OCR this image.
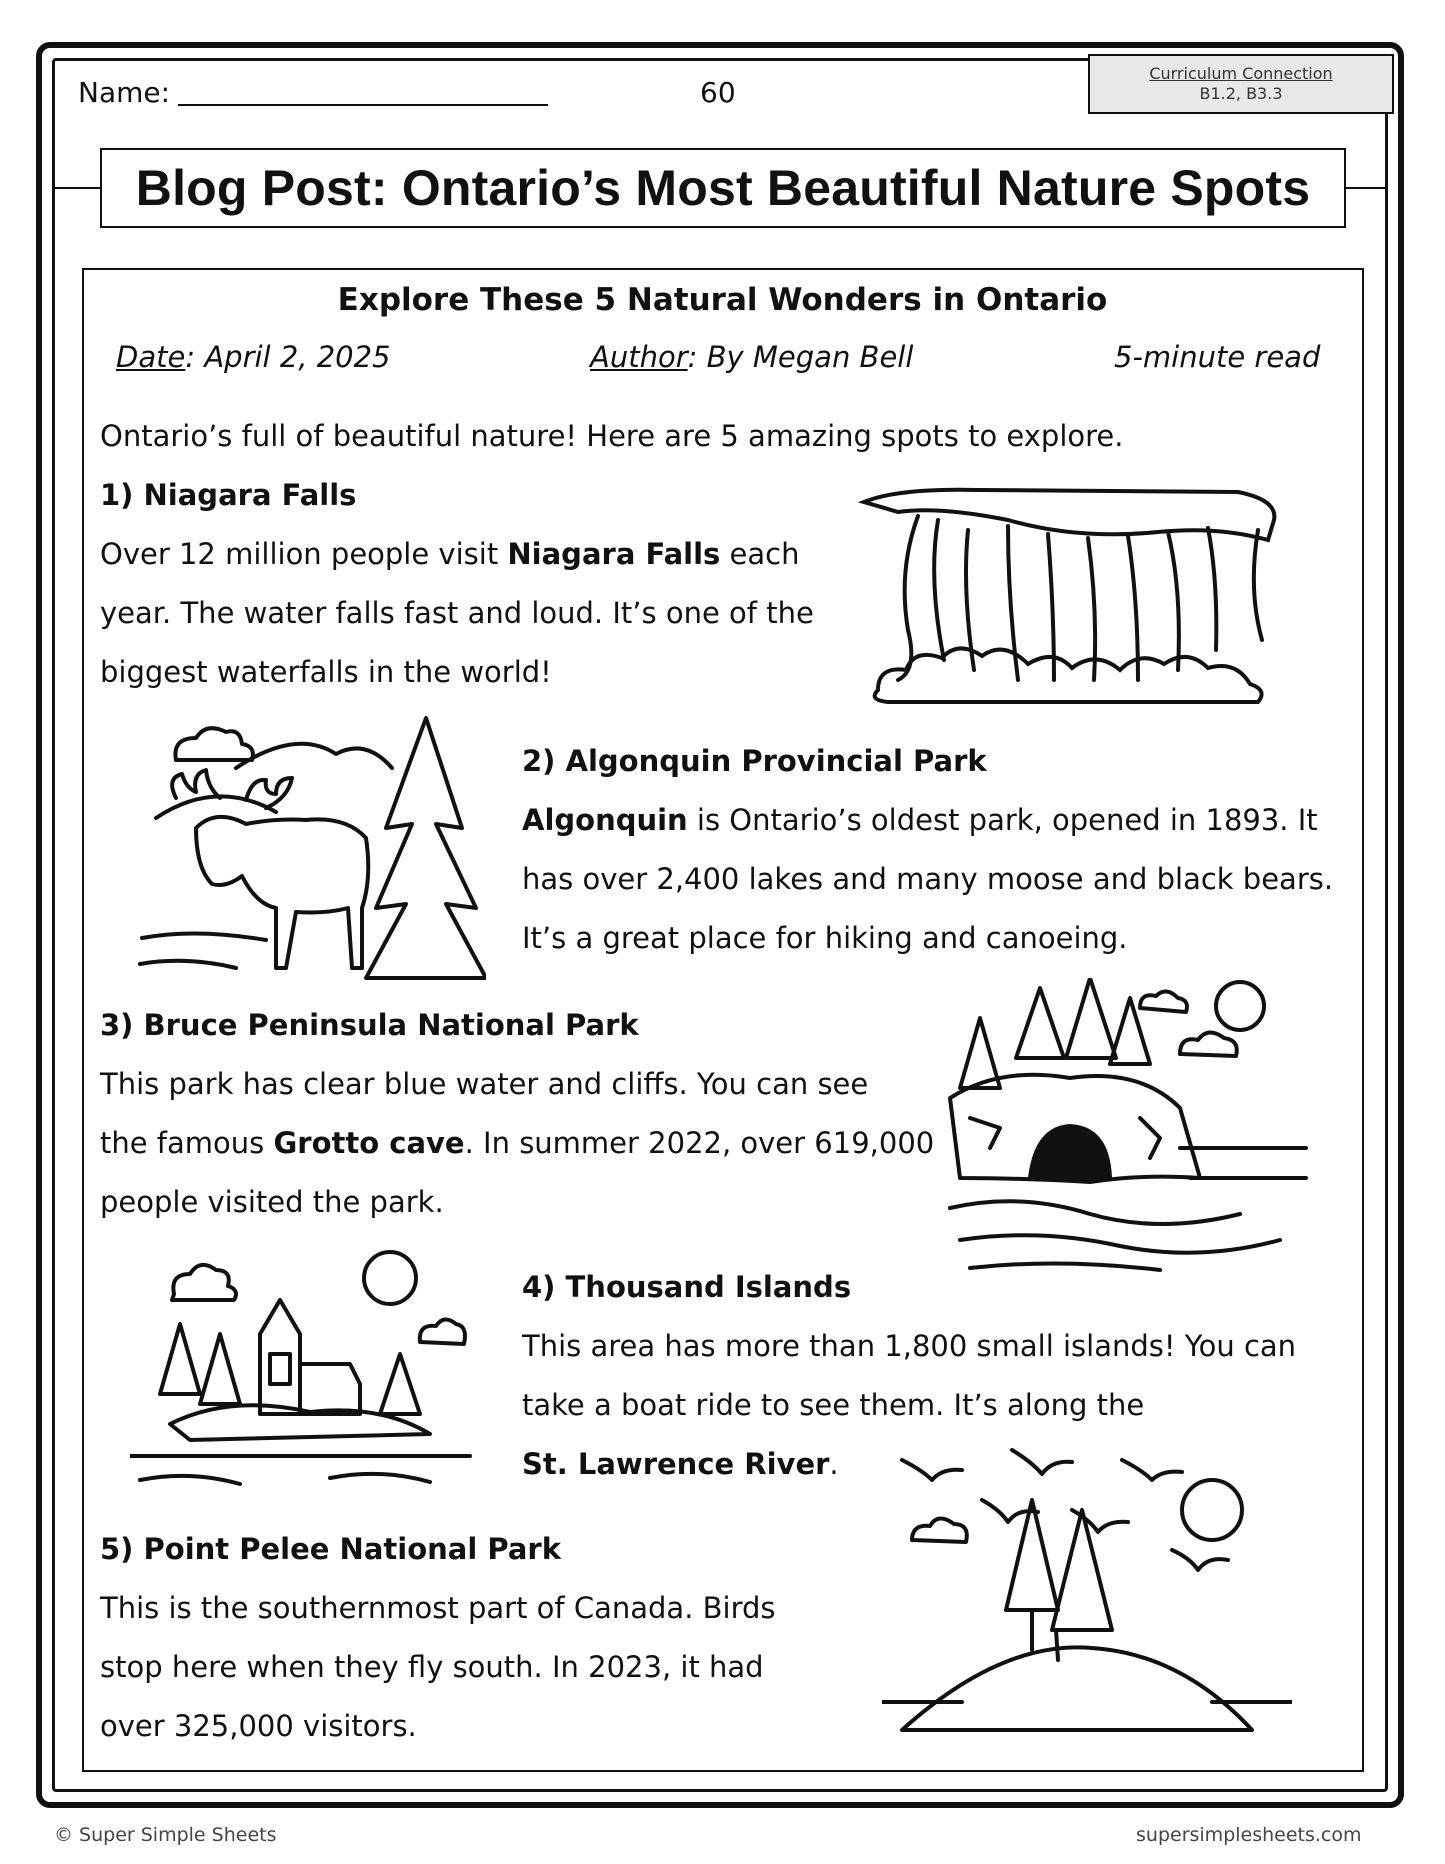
Name:	60
Curriculum Connection
B1.2, B3.3
Blog Post: Ontario’s Most Beautiful Nature Spots
Explore These 5 Natural Wonders in Ontario
Date: April 2, 2025	Author: By Megan Bell	5-minute read
Ontario’s full of beautiful nature! Here are 5 amazing spots to explore.
1) Niagara Falls
Over 12 million people visit Niagara Falls each
year. The water falls fast and loud. It’s one of the
biggest waterfalls in the world!
2) Algonquin Provincial Park
Algonquin is Ontario’s oldest park, opened in 1893. It
has over 2,400 lakes and many moose and black bears.
It’s a great place for hiking and canoeing.
3) Bruce Peninsula National Park
This park has clear blue water and cliffs. You can see
the famous Grotto cave. In summer 2022, over 619,000
people visited the park.
4) Thousand Islands
This area has more than 1,800 small islands! You can
take a boat ride to see them. It’s along the
St. Lawrence River.
5) Point Pelee National Park
This is the southernmost part of Canada. Birds
stop here when they fly south. In 2023, it had
over 325,000 visitors.
© Super Simple Sheets	supersimplesheets.com
